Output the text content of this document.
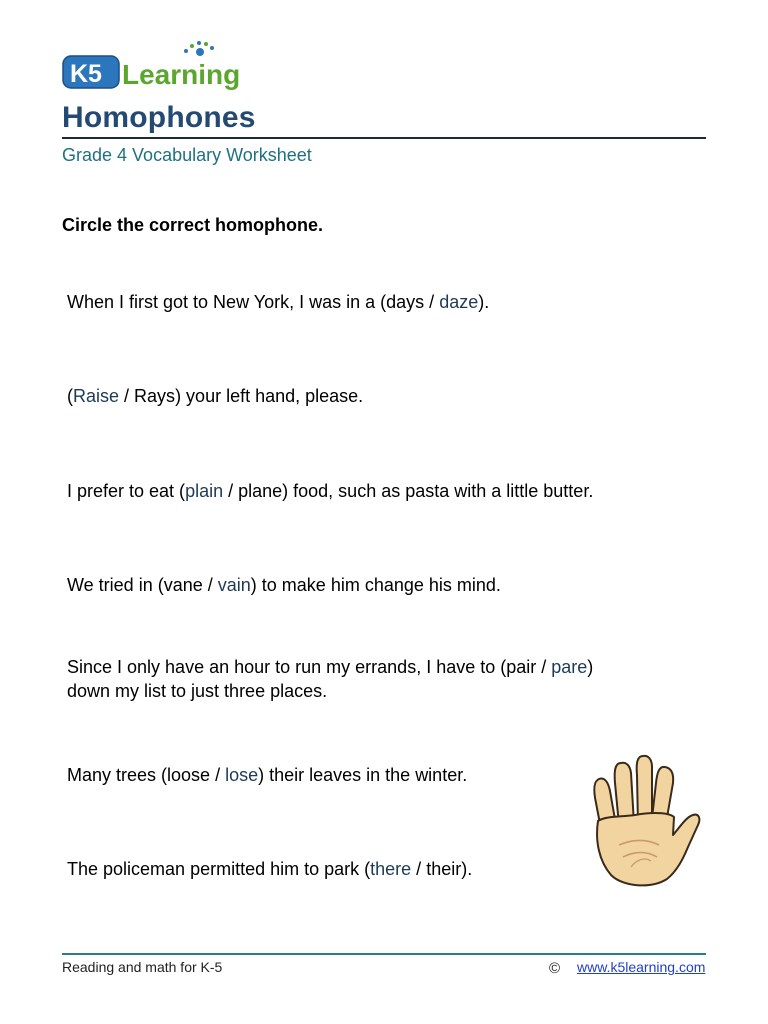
K5 Learning
Homophones
Grade 4 Vocabulary Worksheet
Circle the correct homophone.
When I first got to New York, I was in a (days / daze).
(Raise / Rays) your left hand, please.
I prefer to eat (plain / plane) food, such as pasta with a little butter.
We tried in (vane / vain) to make him change his mind.
Since I only have an hour to run my errands, I have to (pair / pare)
down my list to just three places.
Many trees (loose / lose) their leaves in the winter.
The policeman permitted him to park (there / their).
Reading and math for K-5	© www.k5learning.com
